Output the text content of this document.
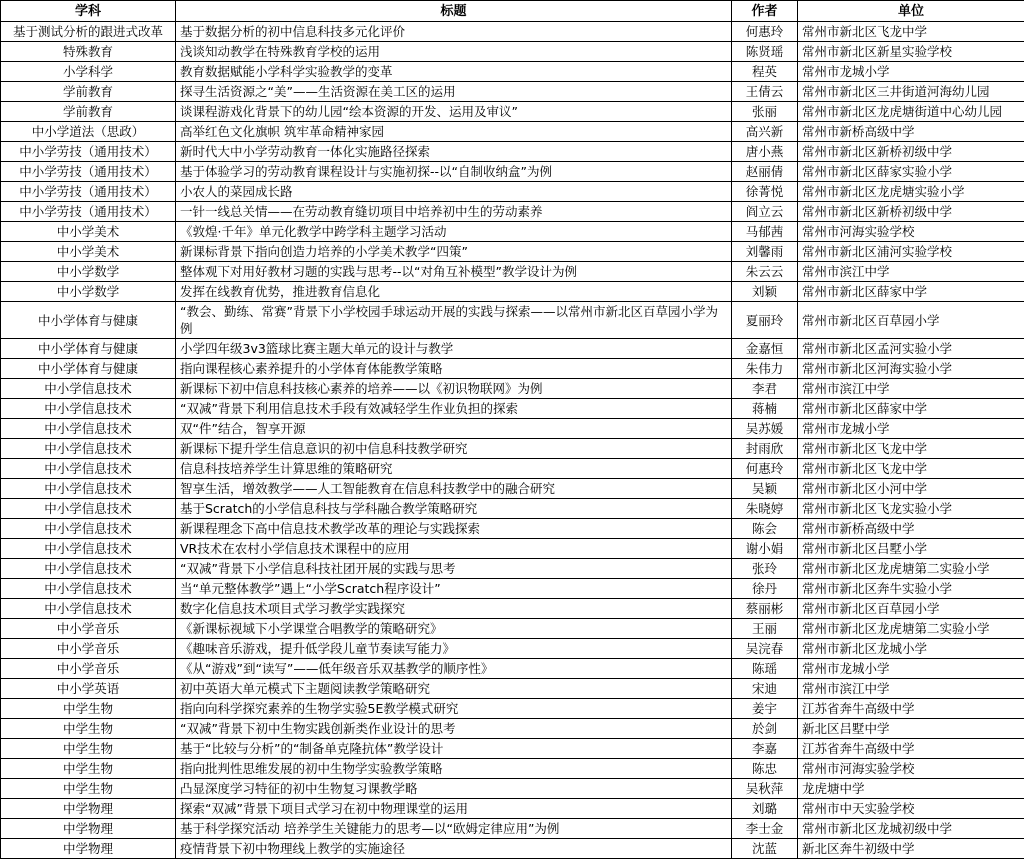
学科	标题	作者	单位
基于测试分析的跟进式改革	基于数据分析的初中信息科技多元化评价	何惠玲	常州市新北区飞龙中学
特殊教育	浅谈知动教学在特殊教育学校的运用	陈贤瑶	常州市新北区新星实验学校
小学科学	教育数据赋能小学科学实验教学的变革	程英	常州市龙城小学
学前教育	探寻生活资源之“美”——生活资源在美工区的运用	王倩云	常州市新北区三井街道河海幼儿园
学前教育	谈课程游戏化背景下的幼儿园“绘本资源的开发、运用及审议”	张丽	常州市新北区龙虎塘街道中心幼儿园
中小学道法（思政）	高举红色文化旗帜 筑牢革命精神家园	高兴新	常州市新桥高级中学
中小学劳技（通用技术）	新时代大中小学劳动教育一体化实施路径探索	唐小燕	常州市新北区新桥初级中学
中小学劳技（通用技术）	基于体验学习的劳动教育课程设计与实施初探--以“自制收纳盒”为例	赵丽倩	常州市新北区薛家实验小学
中小学劳技（通用技术）	小农人的菜园成长路	徐菁悦	常州市新北区龙虎塘实验小学
中小学劳技（通用技术）	一针一线总关情——在劳动教育缝切项目中培养初中生的劳动素养	阎立云	常州市新北区新桥初级中学
中小学美术	《敦煌·千年》单元化教学中跨学科主题学习活动	马郁茜	常州市河海实验学校
中小学美术	新课标背景下指向创造力培养的小学美术教学“四策”	刘馨雨	常州市新北区浦河实验学校
中小学数学	整体观下对用好教材习题的实践与思考--以“对角互补模型”教学设计为例	朱云云	常州市滨江中学
中小学数学	发挥在线教育优势，推进教育信息化	刘颖	常州市新北区薛家中学
中小学体育与健康	“教会、勤练、常赛”背景下小学校园手球运动开展的实践与探索——以常州市新北区百草园小学为例	夏丽玲	常州市新北区百草园小学
中小学体育与健康	小学四年级3v3篮球比赛主题大单元的设计与教学	金嘉恒	常州市新北区孟河实验小学
中小学体育与健康	指向课程核心素养提升的小学体育体能教学策略	朱伟力	常州市新北区河海实验小学
中小学信息技术	新课标下初中信息科技核心素养的培养——以《初识物联网》为例	李君	常州市滨江中学
中小学信息技术	“双减”背景下利用信息技术手段有效减轻学生作业负担的探索	蒋楠	常州市新北区薛家中学
中小学信息技术	双“件”结合，智享开源	吴苏媛	常州市龙城小学
中小学信息技术	新课标下提升学生信息意识的初中信息科技教学研究	封雨欣	常州市新北区飞龙中学
中小学信息技术	信息科技培养学生计算思维的策略研究	何惠玲	常州市新北区飞龙中学
中小学信息技术	智享生活，增效教学——人工智能教育在信息科技教学中的融合研究	吴颖	常州市新北区小河中学
中小学信息技术	基于Scratch的小学信息科技与学科融合教学策略研究	朱晓婷	常州市新北区飞龙实验小学
中小学信息技术	新课程理念下高中信息技术教学改革的理论与实践探索	陈会	常州市新桥高级中学
中小学信息技术	VR技术在农村小学信息技术课程中的应用	谢小娟	常州市新北区吕墅小学
中小学信息技术	“双减”背景下小学信息科技社团开展的实践与思考	张玲	常州市新北区龙虎塘第二实验小学
中小学信息技术	当“单元整体教学”遇上“小学Scratch程序设计”	徐丹	常州市新北区奔牛实验小学
中小学信息技术	数字化信息技术项目式学习教学实践探究	蔡丽彬	常州市新北区百草园小学
中小学音乐	《新课标视域下小学课堂合唱教学的策略研究》	王丽	常州市新北区龙虎塘第二实验小学
中小学音乐	《趣味音乐游戏，提升低学段儿童节奏读写能力》	吴浣春	常州市新北区龙城小学
中小学音乐	《从“游戏”到“读写”——低年级音乐双基教学的顺序性》	陈瑶	常州市龙城小学
中小学英语	初中英语大单元模式下主题阅读教学策略研究	宋迪	常州市滨江中学
中学生物	指向向科学探究素养的生物学实验5E教学模式研究	姜宇	江苏省奔牛高级中学
中学生物	“双减”背景下初中生物实践创新类作业设计的思考	於剑	新北区吕墅中学
中学生物	基于“比较与分析”的“制备单克隆抗体”教学设计	李嘉	江苏省奔牛高级中学
中学生物	指向批判性思维发展的初中生物学实验教学策略	陈忠	常州市河海实验学校
中学生物	凸显深度学习特征的初中生物复习课教学略	吴秋萍	龙虎塘中学
中学物理	探索“双减”背景下项目式学习在初中物理课堂的运用	刘璐	常州市中天实验学校
中学物理	基于科学探究活动 培养学生关键能力的思考—以“欧姆定律应用”为例	李士金	常州市新北区龙城初级中学
中学物理	疫情背景下初中物理线上教学的实施途径	沈蓝	新北区奔牛初级中学
